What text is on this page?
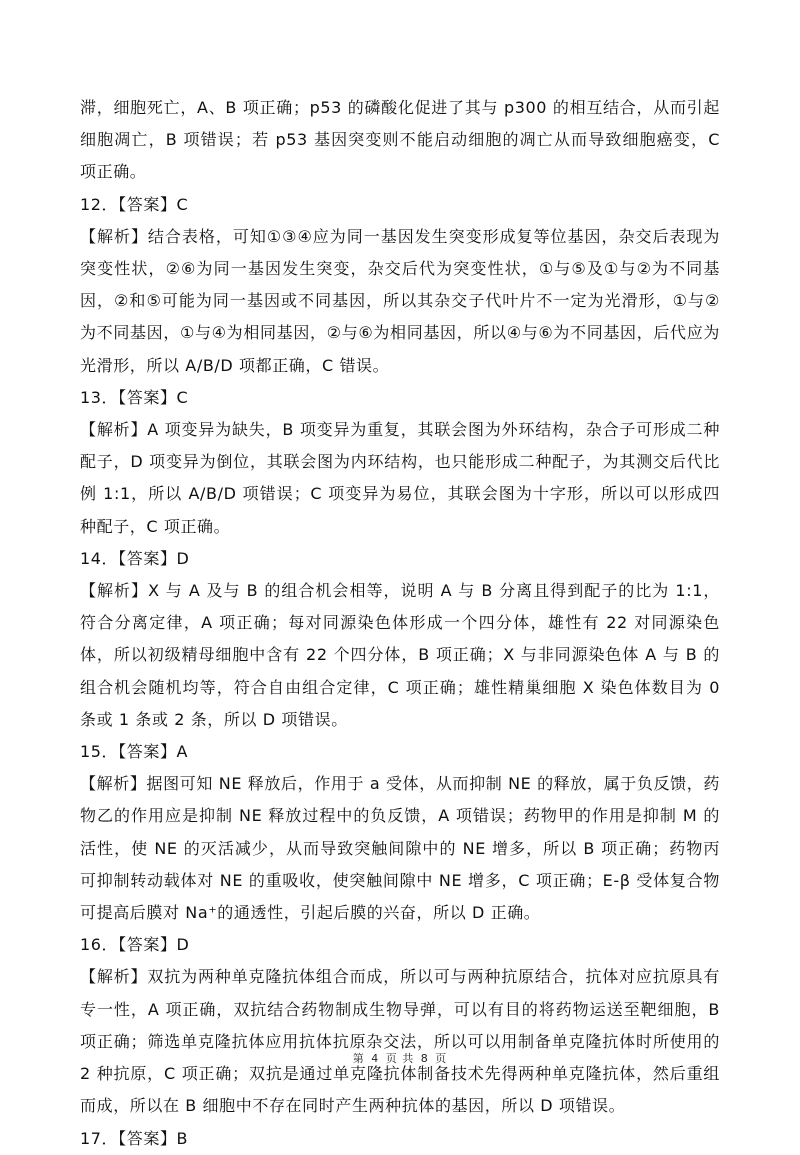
滞，细胞死亡，A、B 项正确；p53 的磷酸化促进了其与 p300 的相互结合，从而引起细胞凋亡，B 项错误；若 p53 基因突变则不能启动细胞的凋亡从而导致细胞癌变，C 项正确。

12．【答案】C

【解析】结合表格，可知①③④应为同一基因发生突变形成复等位基因，杂交后表现为突变性状，②⑥为同一基因发生突变，杂交后代为突变性状，①与⑤及①与②为不同基因，②和⑤可能为同一基因或不同基因，所以其杂交子代叶片不一定为光滑形，①与②为不同基因，①与④为相同基因，②与⑥为相同基因，所以④与⑥为不同基因，后代应为光滑形，所以 A/B/D 项都正确，C 错误。

13．【答案】C

【解析】A 项变异为缺失，B 项变异为重复，其联会图为外环结构，杂合子可形成二种配子，D 项变异为倒位，其联会图为内环结构，也只能形成二种配子，为其测交后代比例 1:1，所以 A/B/D 项错误；C 项变异为易位，其联会图为十字形，所以可以形成四种配子，C 项正确。

14．【答案】D

【解析】X 与 A 及与 B 的组合机会相等，说明 A 与 B 分离且得到配子的比为 1:1，符合分离定律，A 项正确；每对同源染色体形成一个四分体，雄性有 22 对同源染色体，所以初级精母细胞中含有 22 个四分体，B 项正确；X 与非同源染色体 A 与 B 的组合机会随机均等，符合自由组合定律，C 项正确；雄性精巢细胞 X 染色体数目为 0 条或 1 条或 2 条，所以 D 项错误。

15．【答案】A

【解析】据图可知 NE 释放后，作用于 a 受体，从而抑制 NE 的释放，属于负反馈，药物乙的作用应是抑制 NE 释放过程中的负反馈，A 项错误；药物甲的作用是抑制 M 的活性，使 NE 的灭活减少，从而导致突触间隙中的 NE 增多，所以 B 项正确；药物丙可抑制转动载体对 NE 的重吸收，使突触间隙中 NE 增多，C 项正确；E-β 受体复合物可提高后膜对 Na⁺的通透性，引起后膜的兴奋，所以 D 正确。

16．【答案】D

【解析】双抗为两种单克隆抗体组合而成，所以可与两种抗原结合，抗体对应抗原具有专一性，A 项正确，双抗结合药物制成生物导弹，可以有目的将药物运送至靶细胞，B 项正确；筛选单克隆抗体应用抗体抗原杂交法，所以可以用制备单克隆抗体时所使用的 2 种抗原，C 项正确；双抗是通过单克隆抗体制备技术先得两种单克隆抗体，然后重组而成，所以在 B 细胞中不存在同时产生两种抗体的基因，所以 D 项错误。

17．【答案】B

第 4 页 共 8 页
